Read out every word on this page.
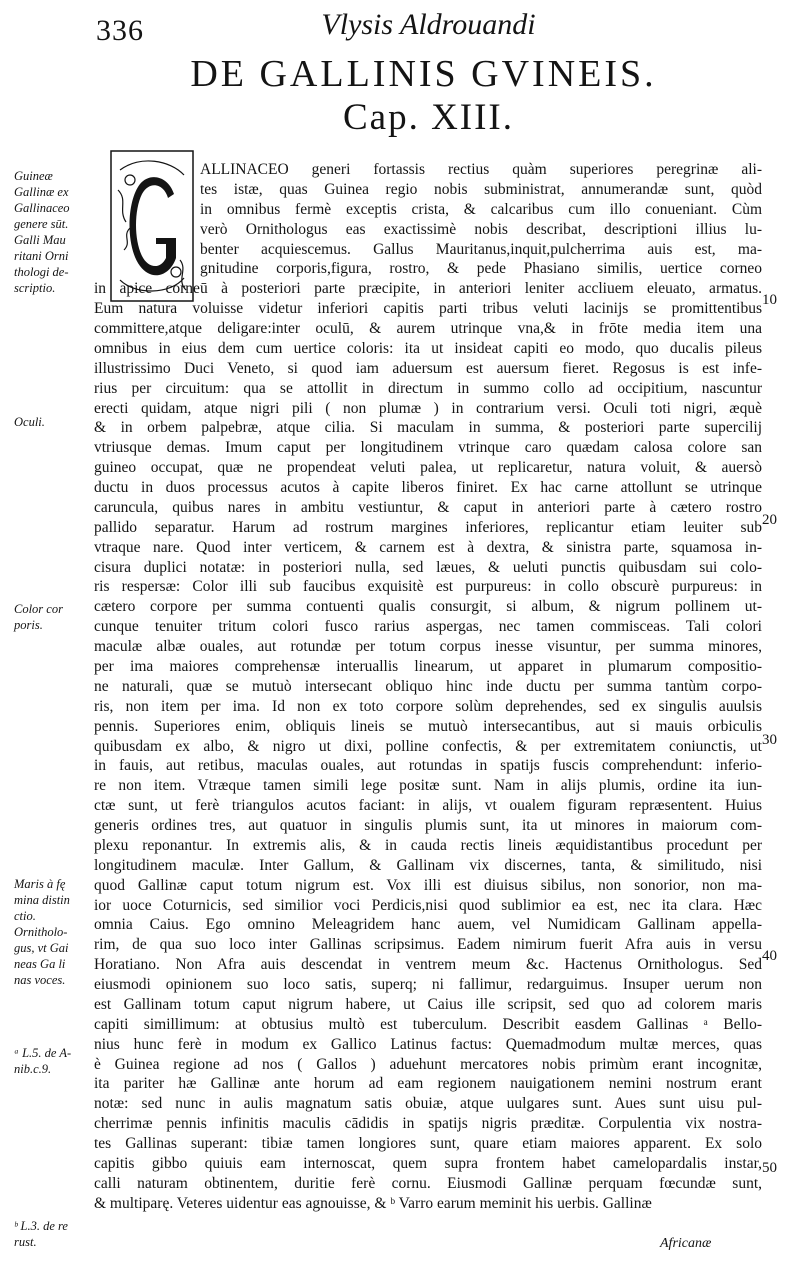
336	Vlysis Aldrouandi
DE GALLINIS GVINEIS.
Cap. XIII.
Guineæ
Gallinæ ex
Gallinaceo
genere sūt.
Galli Mau
ritani Orni
thologi de-
scriptio.
Oculi.
Color cor
poris.
Maris à fę
mina distin
ctio.
Ornitholo-
gus, vt Gai
neas Ga li
nas voces.
ᵃ L.5. de A-
nib.c.9.
ᵇ L.3. de re
rust.
10
20
30
40
50
ALLINACEO generi fortassis rectius quàm superiores peregrinæ ali-
tes istæ, quas Guinea regio nobis subministrat, annumerandæ sunt, quòd
in omnibus fermè exceptis crista, & calcaribus cum illo conueniant. Cùm
verò Ornithologus eas exactissimè nobis describat, descriptioni illius lu-
benter acquiescemus. Gallus Mauritanus,inquit,pulcherrima auis est, ma-
gnitudine corporis,figura, rostro, & pede Phasiano similis, uertice corneo
in apice corneū à posteriori parte præcipite, in anteriori leniter accliuem eleuato, armatus.
Eum natura voluisse videtur inferiori capitis parti tribus veluti lacinijs se promittentibus
committere,atque deligare:inter oculū, & aurem utrinque vna,& in frōte media item una
omnibus in eius dem cum uertice coloris: ita ut insideat capiti eo modo, quo ducalis pileus
illustrissimo Duci Veneto, si quod iam aduersum est auersum fieret. Regosus is est infe-
rius per circuitum: qua se attollit in directum in summo collo ad occipitium, nascuntur
erecti quidam, atque nigri pili ( non plumæ ) in contrarium versi. Oculi toti nigri, æquè
& in orbem palpebræ, atque cilia. Si maculam in summa, & posteriori parte supercilij
vtriusque demas. Imum caput per longitudinem vtrinque caro quædam calosa colore san
guineo occupat, quæ ne propendeat veluti palea, ut replicaretur, natura voluit, & auersò
ductu in duos processus acutos à capite liberos finiret. Ex hac carne attollunt se utrinque
caruncula, quibus nares in ambitu vestiuntur, & caput in anteriori parte à cætero rostro
pallido separatur. Harum ad rostrum margines inferiores, replicantur etiam leuiter sub
vtraque nare. Quod inter verticem, & carnem est à dextra, & sinistra parte, squamosa in-
cisura duplici notatæ: in posteriori nulla, sed læues, & ueluti punctis quibusdam sui colo-
ris respersæ: Color illi sub faucibus exquisitè est purpureus: in collo obscurè purpureus: in
cætero corpore per summa contuenti qualis consurgit, si album, & nigrum pollinem ut-
cunque tenuiter tritum colori fusco rarius aspergas, nec tamen commisceas. Tali colori
maculæ albæ ouales, aut rotundæ per totum corpus inesse visuntur, per summa minores,
per ima maiores comprehensæ interuallis linearum, ut apparet in plumarum compositio-
ne naturali, quæ se mutuò intersecant obliquo hinc inde ductu per summa tantùm corpo-
ris, non item per ima. Id non ex toto corpore solùm deprehendes, sed ex singulis auulsis
pennis. Superiores enim, obliquis lineis se mutuò intersecantibus, aut si mauis orbiculis
quibusdam ex albo, & nigro ut dixi, polline confectis, & per extremitatem coniunctis, ut
in fauis, aut retibus, maculas ouales, aut rotundas in spatijs fuscis comprehendunt: inferio-
re non item. Vtræque tamen simili lege positæ sunt. Nam in alijs plumis, ordine ita iun-
ctæ sunt, ut ferè triangulos acutos faciant: in alijs, vt oualem figuram repræsentent. Huius
generis ordines tres, aut quatuor in singulis plumis sunt, ita ut minores in maiorum com-
plexu reponantur. In extremis alis, & in cauda rectis lineis æquidistantibus procedunt per
longitudinem maculæ. Inter Gallum, & Gallinam vix discernes, tanta, & similitudo, nisi
quod Gallinæ caput totum nigrum est. Vox illi est diuisus sibilus, non sonorior, non ma-
ior uoce Coturnicis, sed similior voci Perdicis,nisi quod sublimior ea est, nec ita clara. Hæc
omnia Caius. Ego omnino Meleagridem hanc auem, vel Numidicam Gallinam appella-
rim, de qua suo loco inter Gallinas scripsimus. Eadem nimirum fuerit Afra auis in versu
Horatiano. Non Afra auis descendat in ventrem meum &c. Hactenus Ornithologus. Sed
eiusmodi opinionem suo loco satis, superq; ni fallimur, redarguimus. Insuper uerum non
est Gallinam totum caput nigrum habere, ut Caius ille scripsit, sed quo ad colorem maris
capiti simillimum: at obtusius multò est tuberculum. Describit easdem Gallinas ᵃ Bello-
nius hunc ferè in modum ex Gallico Latinus factus: Quemadmodum multæ merces, quas
è Guinea regione ad nos ( Gallos ) aduehunt mercatores nobis primùm erant incognitæ,
ita pariter hæ Gallinæ ante horum ad eam regionem nauigationem nemini nostrum erant
notæ: sed nunc in aulis magnatum satis obuiæ, atque uulgares sunt. Aues sunt uisu pul-
cherrimæ pennis infinitis maculis cādidis in spatijs nigris præditæ. Corpulentia vix nostra-
tes Gallinas superant: tibiæ tamen longiores sunt, quare etiam maiores apparent. Ex solo
capitis gibbo quiuis eam internoscat, quem supra frontem habet camelopardalis instar,
calli naturam obtinentem, duritie ferè cornu. Eiusmodi Gallinæ perquam fœcundæ sunt,
& multiparę. Veteres uidentur eas agnouisse, & ᵇ Varro earum meminit his uerbis. Gallinæ
Africanæ
